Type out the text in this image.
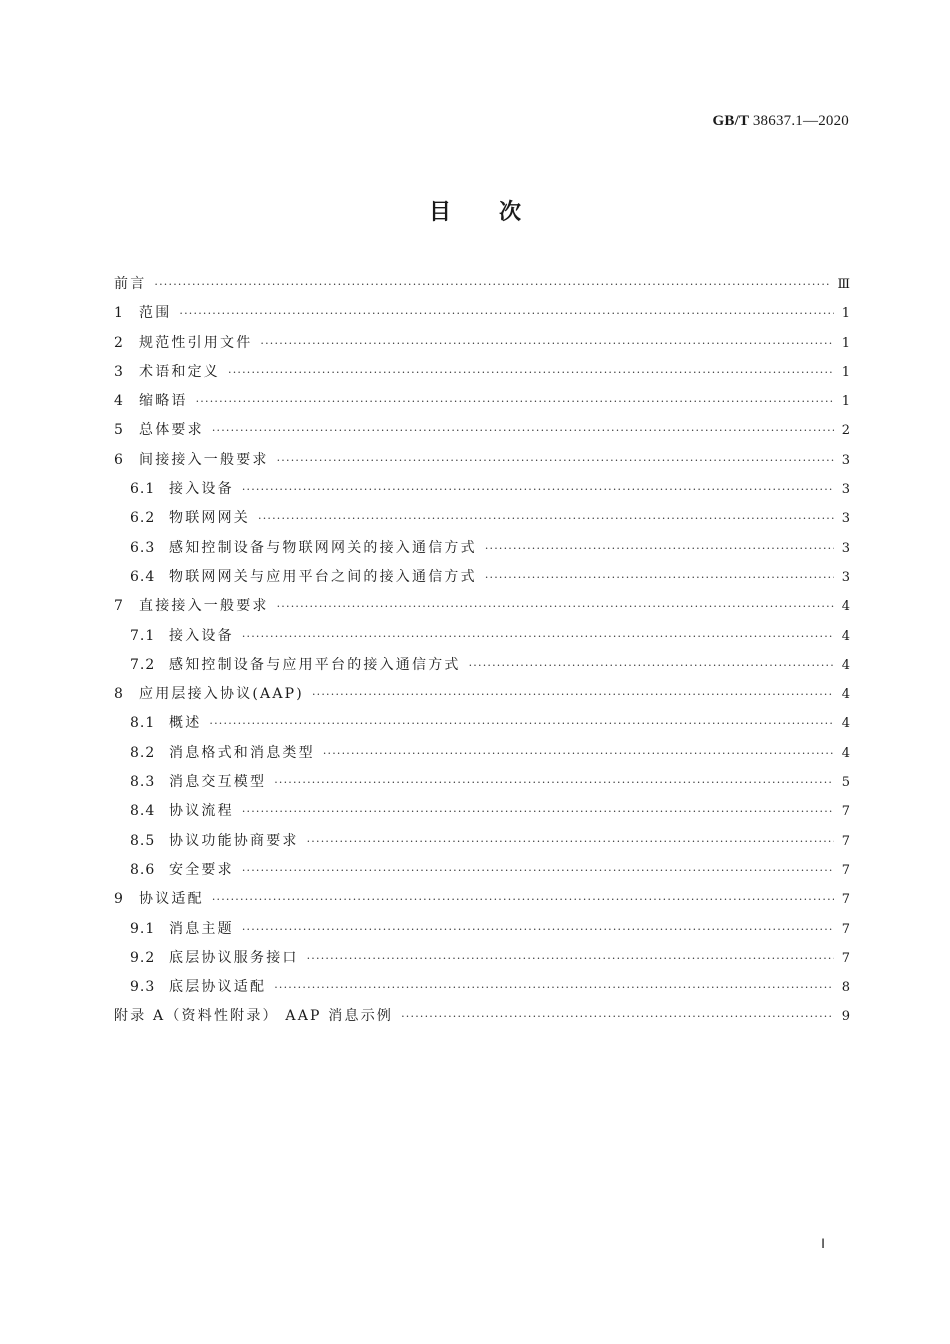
GB/T 38637.1—2020
目次
前言 ·····	Ⅲ
1	范围 ·····	1
2	规范性引用文件 ·····	1
3	术语和定义 ·····	1
4	缩略语 ·····	1
5	总体要求 ·····	2
6	间接接入一般要求 ·····	3
6.1 接入设备 ·····	3
6.2 物联网网关 ·····	3
6.3 感知控制设备与物联网网关的接入通信方式 ·····	3
6.4 物联网网关与应用平台之间的接入通信方式 ·····	3
7	直接接入一般要求 ·····	4
7.1 接入设备 ·····	4
7.2 感知控制设备与应用平台的接入通信方式 ·····	4
8	应用层接入协议(AAP) ·····	4
8.1 概述 ·····	4
8.2 消息格式和消息类型 ·····	4
8.3 消息交互模型 ·····	5
8.4 协议流程 ·····	7
8.5 协议功能协商要求 ·····	7
8.6 安全要求 ·····	7
9	协议适配 ·····	7
9.1 消息主题 ·····	7
9.2 底层协议服务接口 ·····	7
9.3 底层协议适配 ·····	8
附录 A（资料性附录） AAP 消息示例 ·····	9
Ⅰ
